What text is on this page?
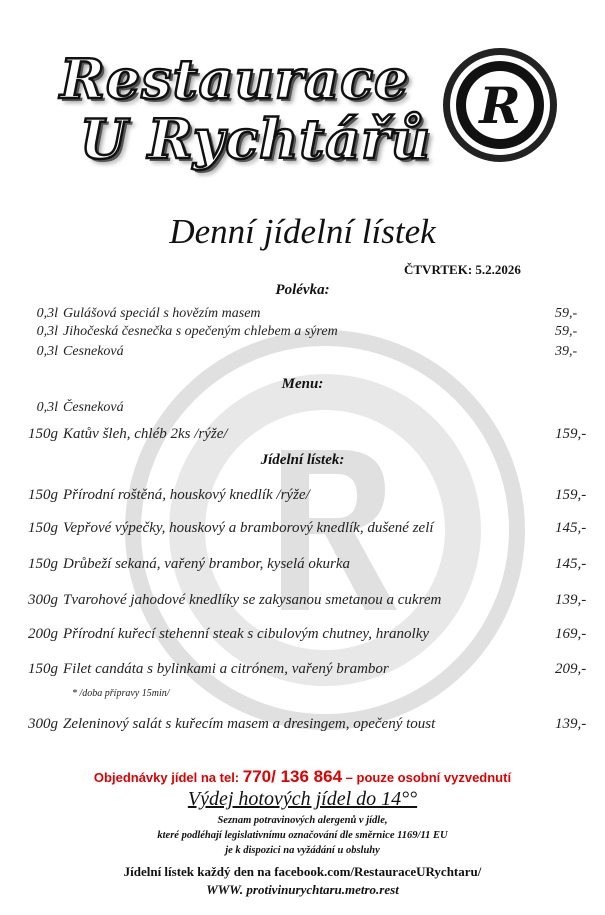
Restaurace
U Rychtářů
R
Denní jídelní lístek
ČTVRTEK: 5.2.2026
Polévka:
0,3l Gulášová speciál s hovězím masem	59,-
0,3l Jihočeská česnečka s opečeným chlebem a sýrem	59,-
0,3l Cesneková	39,-
Menu:
0,3l Česneková
150g Katův šleh, chléb 2ks /rýže/	159,-
Jídelní lístek:
150g Přírodní roštěná, houskový knedlík /rýže/	159,-
150g Vepřové výpečky, houskový a bramborový knedlík, dušené zelí	145,-
150g Drůbeží sekaná, vařený brambor, kyselá okurka	145,-
300g Tvarohové jahodové knedlíky se zakysanou smetanou a cukrem	139,-
200g Přírodní kuřecí stehenní steak s cibulovým chutney, hranolky	169,-
150g Filet candáta s bylinkami a citrónem, vařený brambor	209,-
* /doba přípravy 15min/
300g Zeleninový salát s kuřecím masem a dresingem, opečený toust	139,-
Objednávky jídel na tel: 770/ 136 864 – pouze osobní vyzvednutí
Výdej hotových jídel do 14°°
Seznam potravinových alergenů v jídle,
které podléhají legislativnímu označování dle směrnice 1169/11 EU
je k dispozici na vyžádání u obsluhy
Jídelní lístek každý den na facebook.com/RestauraceURychtaru/
WWW. protivinurychtaru.metro.rest
